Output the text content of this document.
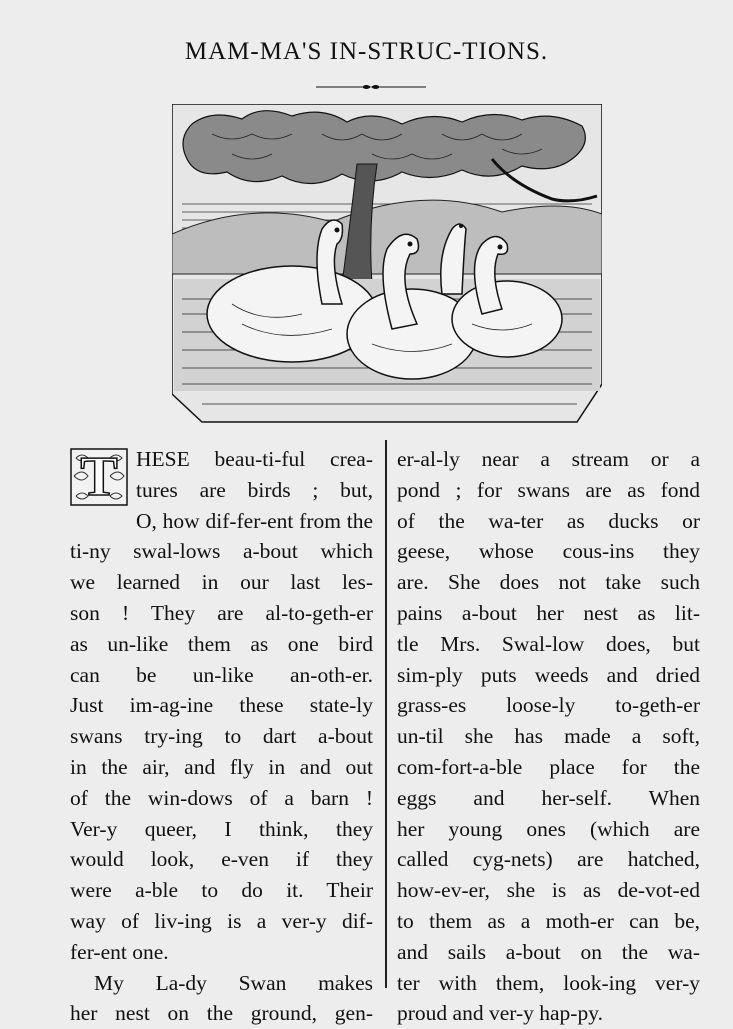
MAM-MA'S IN-STRUC-TIONS.
T HESE beau-ti-ful crea-
tures are birds ; but,
O, how dif-fer-ent from the
ti-ny swal-lows a-bout which
we learned in our last les-
son ! They are al-to-geth-er
as un-like them as one bird
can be un-like an-oth-er.
Just im-ag-ine these state-ly
swans try-ing to dart a-bout
in the air, and fly in and out
of the win-dows of a barn !
Ver-y queer, I think, they
would look, e-ven if they
were a-ble to do it. Their
way of liv-ing is a ver-y dif-
fer-ent one.
My La-dy Swan makes
her nest on the ground, gen-
er-al-ly near a stream or a
pond ; for swans are as fond
of the wa-ter as ducks or
geese, whose cous-ins they
are. She does not take such
pains a-bout her nest as lit-
tle Mrs. Swal-low does, but
sim-ply puts weeds and dried
grass-es loose-ly to-geth-er
un-til she has made a soft,
com-fort-a-ble place for the
eggs and her-self. When
her young ones (which are
called cyg-nets) are hatched,
how-ev-er, she is as de-vot-ed
to them as a moth-er can be,
and sails a-bout on the wa-
ter with them, look-ing ver-y
proud and ver-y hap-py.
